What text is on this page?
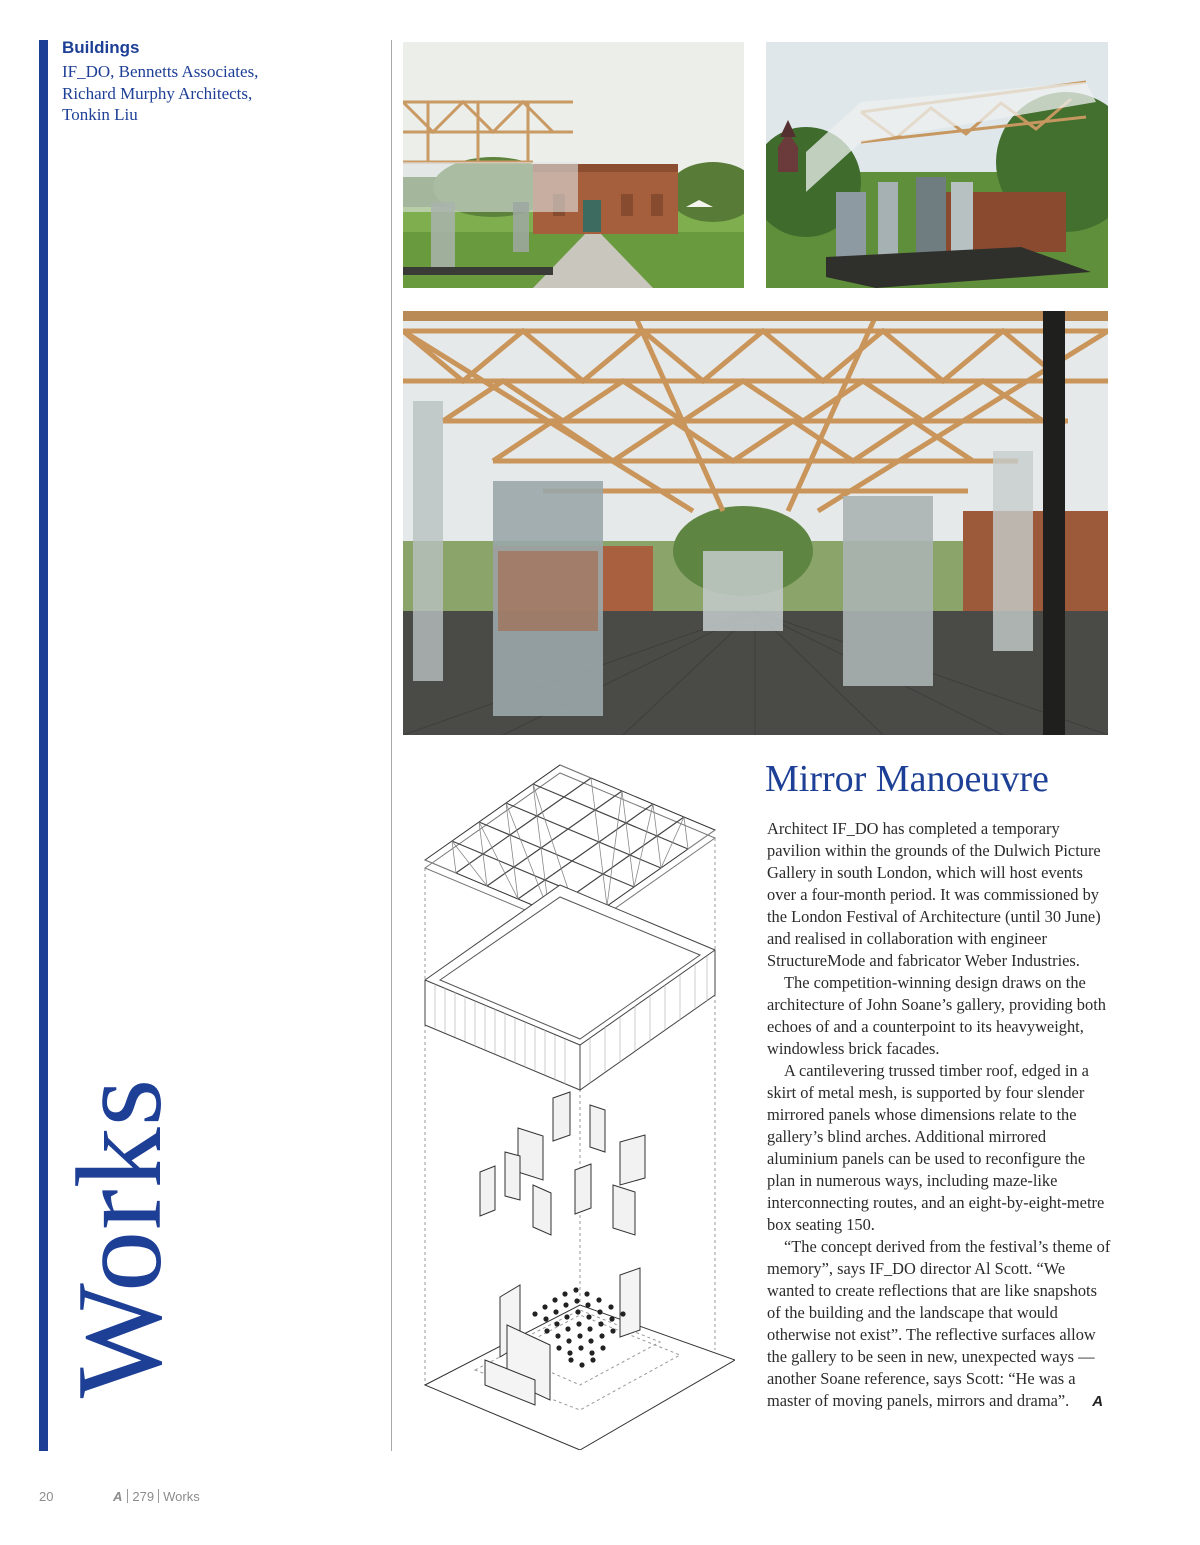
Buildings
IF_DO, Bennetts Associates,
Richard Murphy Architects,
Tonkin Liu
Works
Mirror Manoeuvre

Architect IF_DO has completed a temporary pavilion within the grounds of the Dulwich Picture Gallery in south London, which will host events over a four-month period. It was commissioned by the London Festival of Architecture (until 30 June) and realised in collaboration with engineer StructureMode and fabricator Weber Industries.

The competition-winning design draws on the architecture of John Soane’s gallery, providing both echoes of and a counterpoint to its heavyweight, windowless brick facades.

A cantilevering trussed timber roof, edged in a skirt of metal mesh, is supported by four slender mirrored panels whose dimensions relate to the gallery’s blind arches. Additional mirrored aluminium panels can be used to reconfigure the plan in numerous ways, including maze-like interconnecting routes, and an eight-by-eight-metre box seating 150.

“The concept derived from the festival’s theme of memory”, says IF_DO director Al Scott. “We wanted to create reflections that are like snapshots of the building and the landscape that would otherwise not exist”. The reflective surfaces allow the gallery to be seen in new, unexpected ways — another Soane reference, says Scott: “He was a master of moving panels, mirrors and drama”. A

20	A 279 Works
